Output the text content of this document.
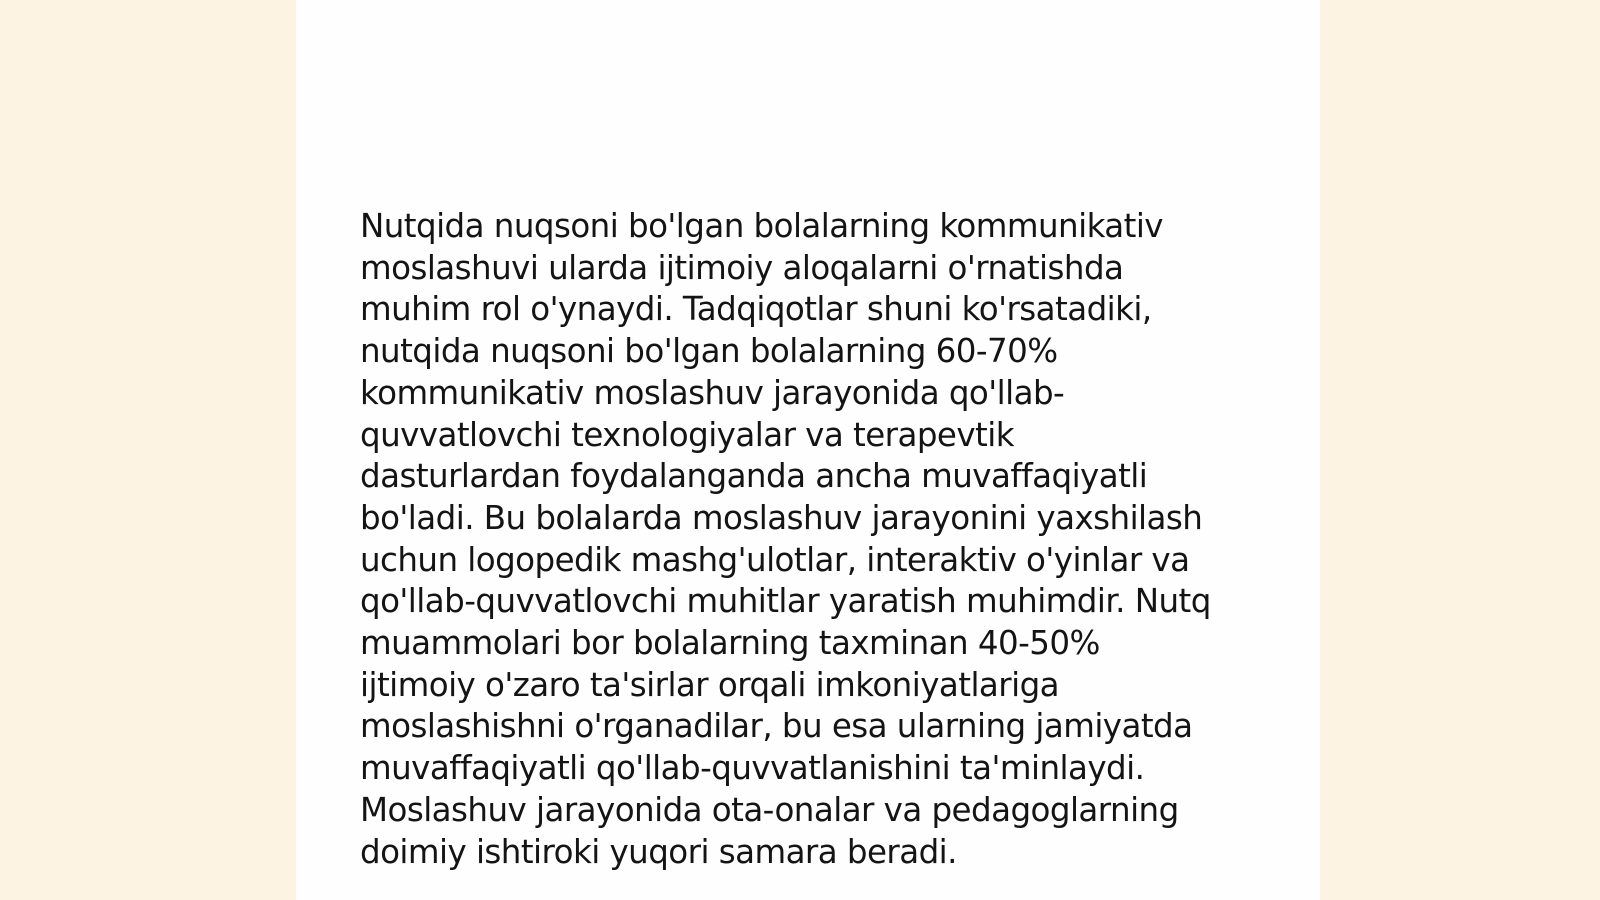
Nutqida nuqsoni bo'lgan bolalarning kommunikativ
moslashuvi ularda ijtimoiy aloqalarni o'rnatishda
muhim rol o'ynaydi. Tadqiqotlar shuni ko'rsatadiki,
nutqida nuqsoni bo'lgan bolalarning 60-70%
kommunikativ moslashuv jarayonida qo'llab-
quvvatlovchi texnologiyalar va terapevtik
dasturlardan foydalanganda ancha muvaffaqiyatli
bo'ladi. Bu bolalarda moslashuv jarayonini yaxshilash
uchun logopedik mashg'ulotlar, interaktiv o'yinlar va
qo'llab-quvvatlovchi muhitlar yaratish muhimdir. Nutq
muammolari bor bolalarning taxminan 40-50%
ijtimoiy o'zaro ta'sirlar orqali imkoniyatlariga
moslashishni o'rganadilar, bu esa ularning jamiyatda
muvaffaqiyatli qo'llab-quvvatlanishini ta'minlaydi.
Moslashuv jarayonida ota-onalar va pedagoglarning
doimiy ishtiroki yuqori samara beradi.
